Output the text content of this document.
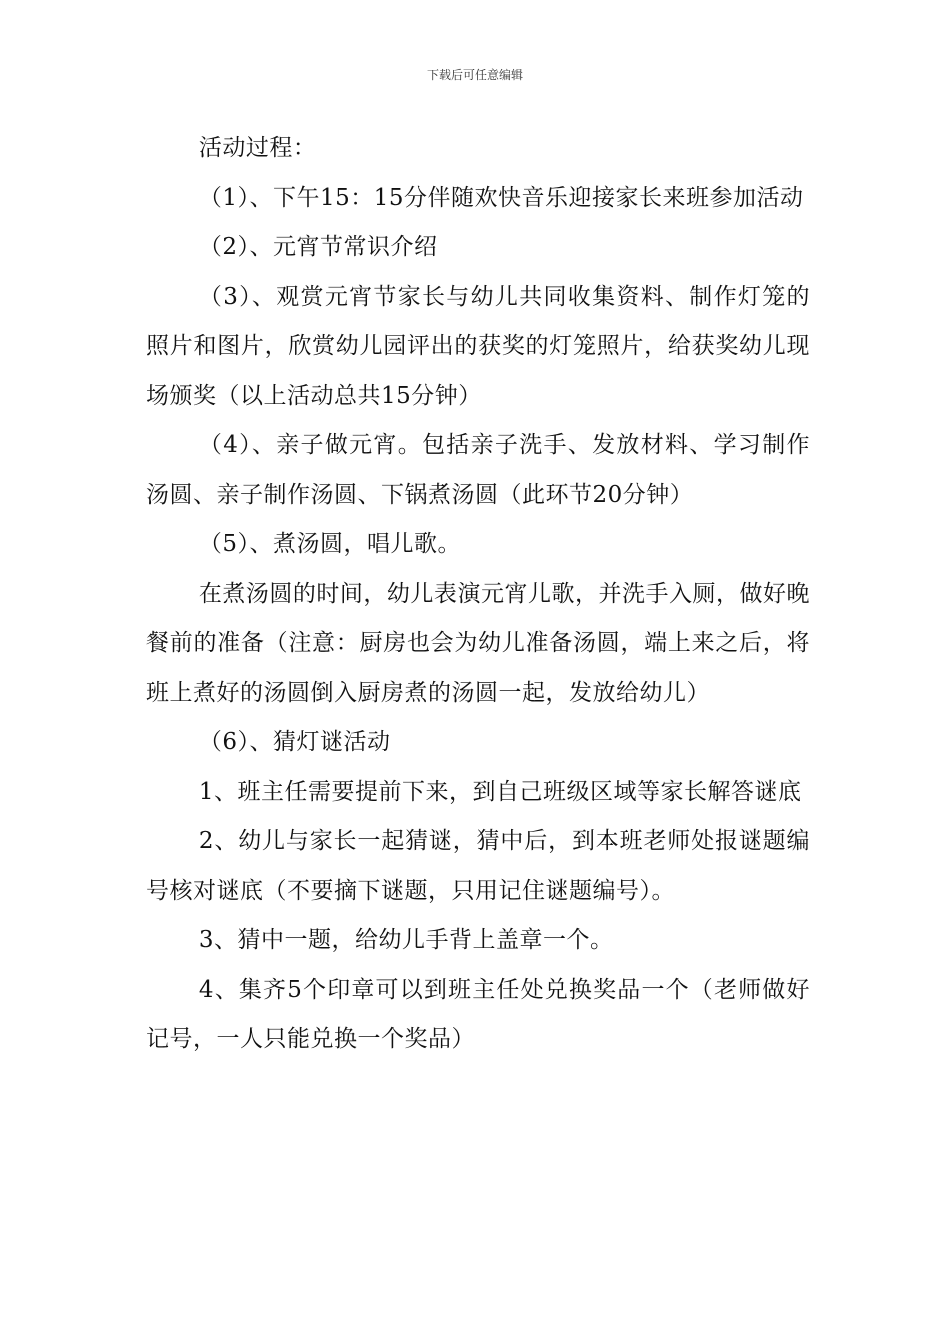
下载后可任意编辑

活动过程：

（1）、下午15：15分伴随欢快音乐迎接家长来班参加活动

（2）、元宵节常识介绍

（3）、观赏元宵节家长与幼儿共同收集资料、制作灯笼的照片和图片，欣赏幼儿园评出的获奖的灯笼照片，给获奖幼儿现场颁奖（以上活动总共15分钟）

（4）、亲子做元宵。包括亲子洗手、发放材料、学习制作汤圆、亲子制作汤圆、下锅煮汤圆（此环节20分钟）

（5）、煮汤圆，唱儿歌。

在煮汤圆的时间，幼儿表演元宵儿歌，并洗手入厕，做好晚餐前的准备（注意：厨房也会为幼儿准备汤圆，端上来之后，将班上煮好的汤圆倒入厨房煮的汤圆一起，发放给幼儿）

（6）、猜灯谜活动

1、班主任需要提前下来，到自己班级区域等家长解答谜底

2、幼儿与家长一起猜谜，猜中后，到本班老师处报谜题编号核对谜底（不要摘下谜题，只用记住谜题编号）。

3、猜中一题，给幼儿手背上盖章一个。

4、集齐5个印章可以到班主任处兑换奖品一个（老师做好记号，一人只能兑换一个奖品）
